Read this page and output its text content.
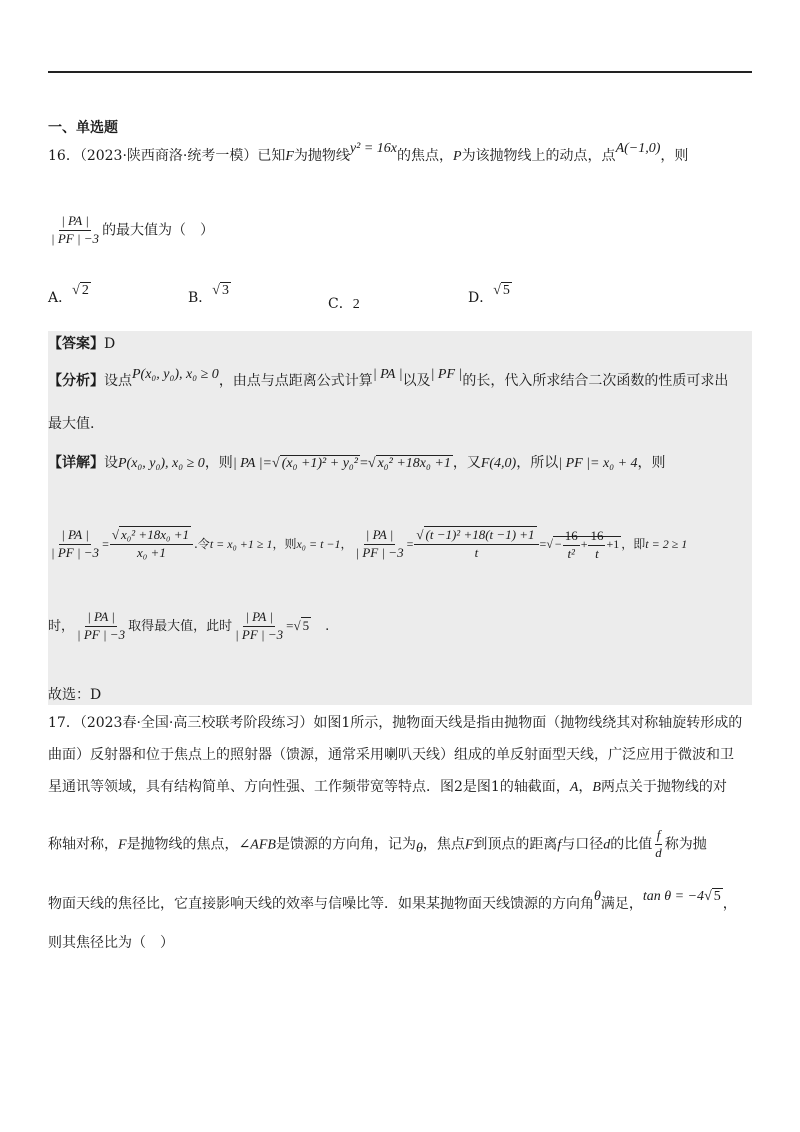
一、单选题
16．（2023·陕西商洛·统考一模）已知F为抛物线y² = 16x的焦点，P为该抛物线上的动点，点A(−1,0)，则
$\frac{| PA |}{| PF | -3}$ 的最大值为（　）
A．√ 2	B．√ 3
C．2	D．√ 5
【答案】D
【分析】设点P(x₀, y₀), x₀ ≥ 0，由点与点距离公式计算| PA |以及| PF |的长，代入所求结合二次函数的性质可求出
最大值.
【详解】设P(x₀, y₀), x₀ ≥ 0，则| PA |=√ (x₀ +1)² + y₀² =√ x₀² +18x₀ +1 ，又F(4,0)，所以| PF |= x₀ + 4，则
$\frac{| PA |}{| PF | -3} = \frac{\text{√ x₀² +18x₀ +1}}{\text{x₀ +1}}$ .令t = x₀ +1 ≥ 1，则x₀ = t −1， $\frac{| PA |}{| PF | -3} = \frac{\text{√ (t −1)² +18(t −1) +1}}{t}$ =√ − $\frac{16}{\text{t²}} + \frac{16}{t} +1$ ，即t = 2 ≥ 1
时， $\frac{| PA |}{| PF | -3}$ 取得最大值，此时 $\frac{| PA |}{| PF | -3}$ =√ 5 .
故选：D
17．（2023春·全国·高三校联考阶段练习）如图1所示，抛物面天线是指由抛物面（抛物线绕其对称轴旋转形成的
曲面）反射器和位于焦点上的照射器（馈源，通常采用喇叭天线）组成的单反射面型天线，广泛应用于微波和卫
星通讯等领域，具有结构简单、方向性强、工作频带宽等特点．图2是图1的轴截面，A，B两点关于抛物线的对
称轴对称，F是抛物线的焦点，∠AFB是馈源的方向角，记为θ，焦点F到顶点的距离f与口径d的比值 $\frac{f}{d}$ 称为抛
物面天线的焦径比，它直接影响天线的效率与信噪比等．如果某抛物面天线馈源的方向角θ满足，tan θ = −4√ 5 ，
则其焦径比为（　）
